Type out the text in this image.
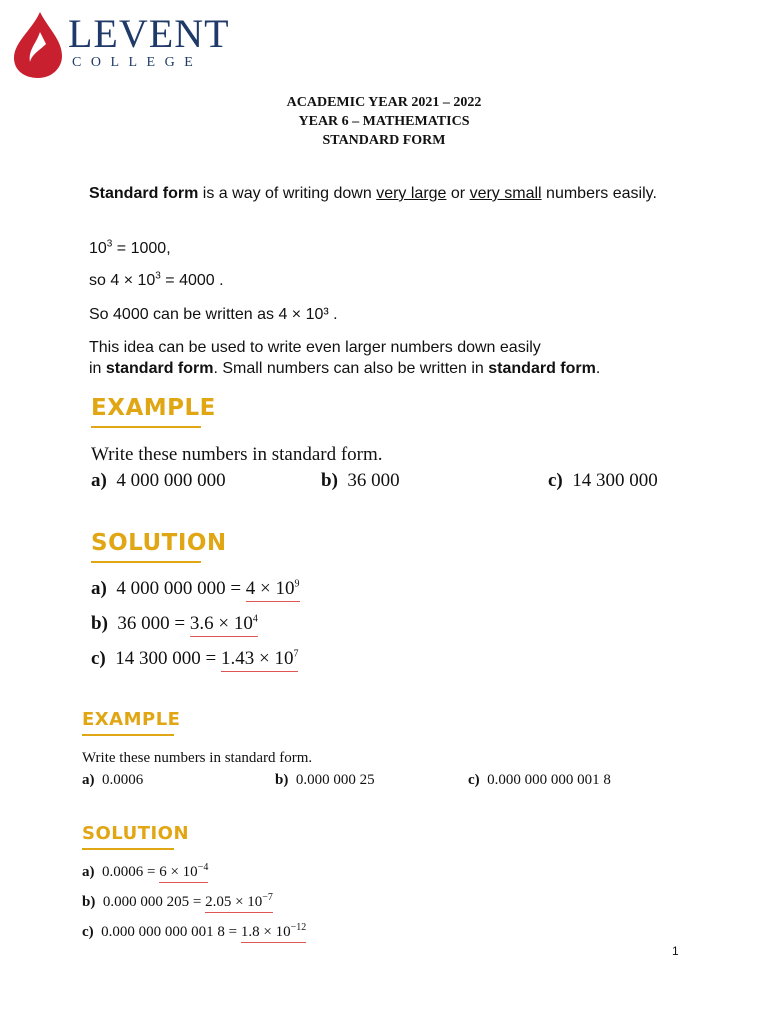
LEVENT
COLLEGE
ACADEMIC YEAR 2021 – 2022
YEAR 6 – MATHEMATICS
STANDARD FORM
Standard form is a way of writing down very large or very small numbers easily.
$10^3 = 1000$,
so $4 \times 10^3 = 4000$ .
So 4000 can be written as 4 × 10³ .
This idea can be used to write even larger numbers down easily
in standard form. Small numbers can also be written in standard form.
EXAMPLE
Write these numbers in standard form.
a) 4 000 000 000	b) 36 000	c) 14 300 000
SOLUTION
a) 4 000 000 $000 = 4 \times 10^9$
b) 36 $000 = 3.6 \times 10^4$
c) 14 300 $000 = 1.43 \times 10^7$
EXAMPLE
Write these numbers in standard form.
a) 0.0006	b) 0.000 000 25	c) 0.000 000 000 001 8
SOLUTION
a) $0.0006 = 6 \times 10^{-4}$
b) 0.000 000 $205 = 2.05 \times 10^{-7}$
c) 0.000 000 000 001 $8 = 1.8 \times 10^{-12}$
1
